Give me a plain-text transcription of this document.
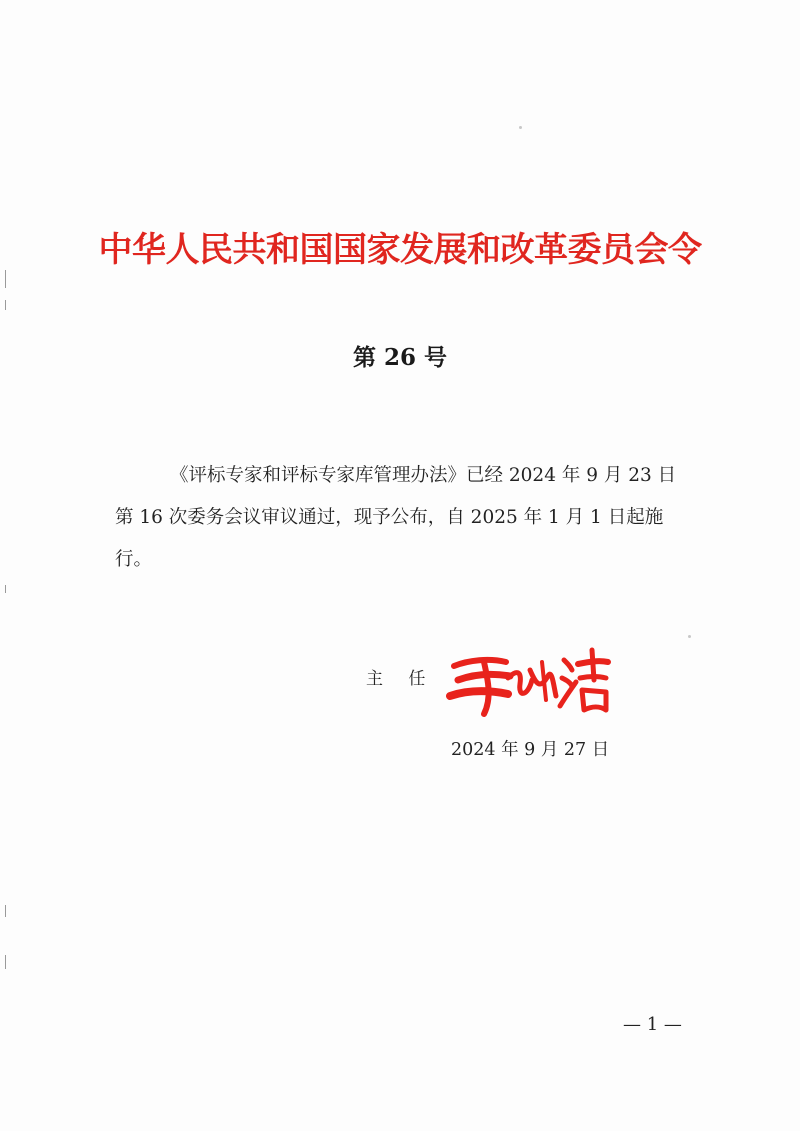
中华人民共和国国家发展和改革委员会令
第 26 号
《评标专家和评标专家库管理办法》已经 2024 年 9 月 23 日
第 16 次委务会议审议通过，现予公布，自 2025 年 1 月 1 日起施
行。
主 任
2024 年 9 月 27 日
— 1 —
